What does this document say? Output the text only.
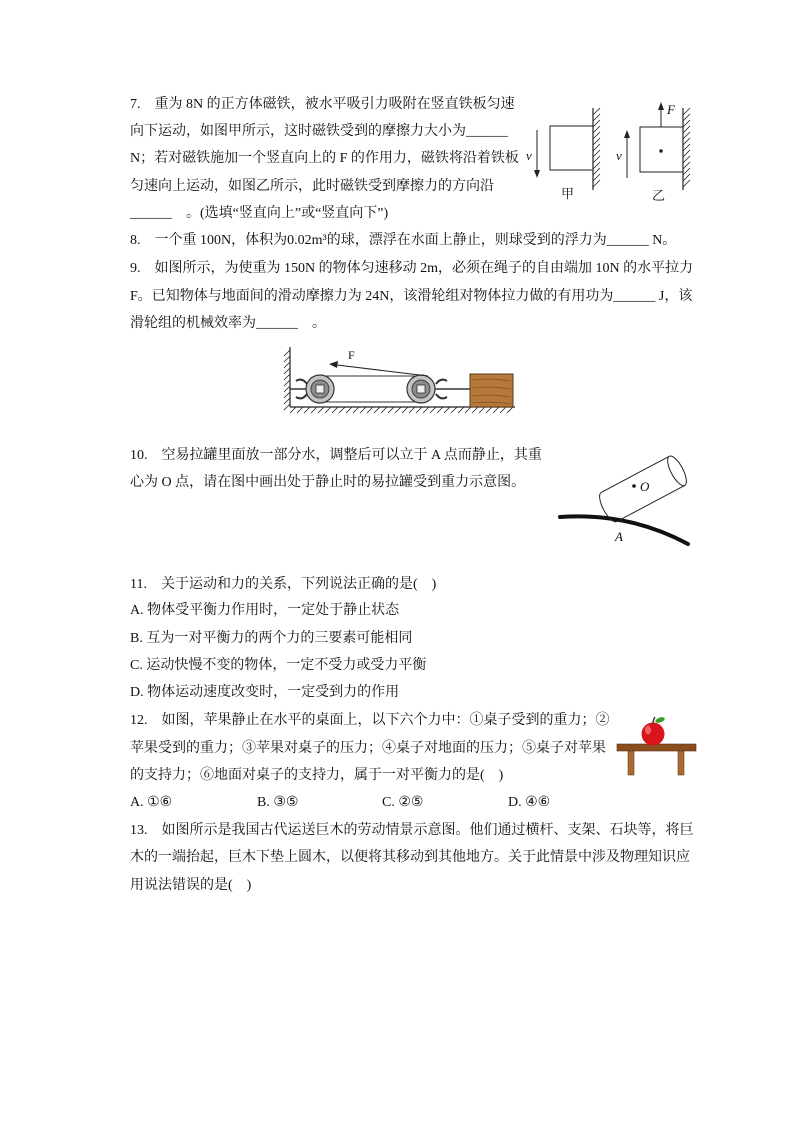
7.　重为 8N 的正方体磁铁，被水平吸引力吸附在竖直铁板匀速
向下运动，如图甲所示，这时磁铁受到的摩擦力大小为______
N；若对磁铁施加一个竖直向上的 F 的作用力，磁铁将沿着铁板
匀速向上运动，如图乙所示，此时磁铁受到摩擦力的方向沿
______　。(选填“竖直向上”或“竖直向下”)
v
甲
F
v
乙
8.　一个重 100N，体积为0.02m³的球，漂浮在水面上静止，则球受到的浮力为______ N。
9.　如图所示，为使重为 150N 的物体匀速移动 2m，必须在绳子的自由端加 10N 的水平拉力
F。已知物体与地面间的滑动摩擦力为 24N，该滑轮组对物体拉力做的有用功为______ J，该
滑轮组的机械效率为______　。
F
10.　空易拉罐里面放一部分水，调整后可以立于 A 点而静止，其重
心为 O 点，请在图中画出处于静止时的易拉罐受到重力示意图。	O
A
11.　关于运动和力的关系，下列说法正确的是(　)
A. 物体受平衡力作用时，一定处于静止状态
B. 互为一对平衡力的两个力的三要素可能相同
C. 运动快慢不变的物体，一定不受力或受力平衡
D. 物体运动速度改变时，一定受到力的作用
12.　如图，苹果静止在水平的桌面上，以下六个力中：①桌子受到的重力；②
苹果受到的重力；③苹果对桌子的压力；④桌子对地面的压力；⑤桌子对苹果
的支持力；⑥地面对桌子的支持力，属于一对平衡力的是(　)
A. ①⑥	B. ③⑤	C. ②⑤	D. ④⑥
13.　如图所示是我国古代运送巨木的劳动情景示意图。他们通过横杆、支架、石块等，将巨
木的一端抬起，巨木下垫上圆木，以便将其移动到其他地方。关于此情景中涉及物理知识应
用说法错误的是(　)
